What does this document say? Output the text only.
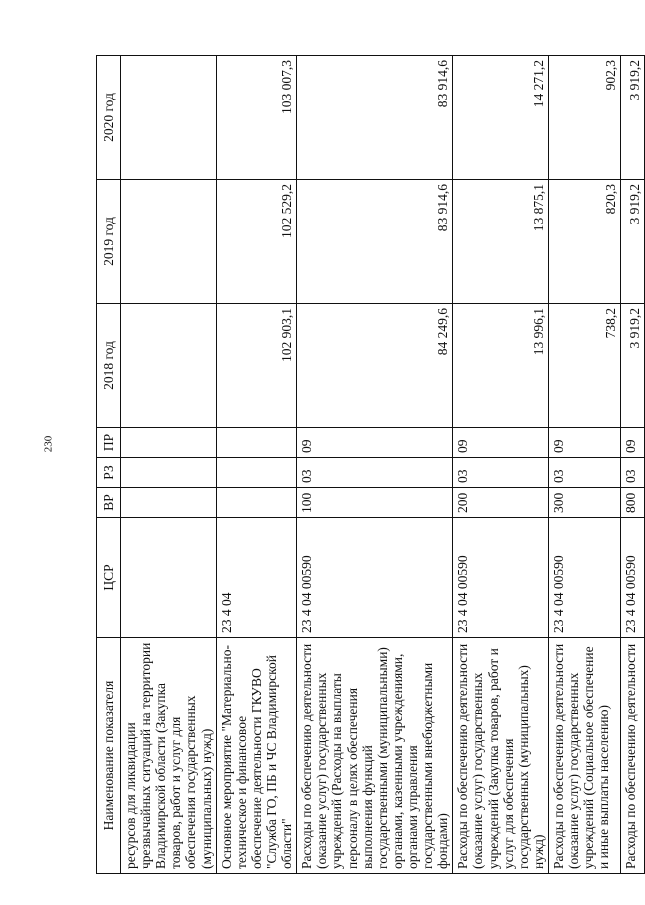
230
Наименование показателя	ЦСР	ВР	РЗ	ПР	2018 год	2019 год	2020 год
ресурсов для ликвидации чрезвычайных ситуаций на территории Владимирской области (Закупка товаров, работ и услуг для обеспечения государственных (муниципальных) нужд)							
Основное мероприятие "Материально-техническое и финансовое обеспечение деятельности ГКУВО "Служба ГО, ПБ и ЧС Владимирской области"	23 4 04				102 903,1	102 529,2	103 007,3
Расходы по обеспечению деятельности (оказание услуг) государственных учреждений (Расходы на выплаты персоналу в целях обеспечения выполнения функций государственными (муниципальными) органами, казенными учреждениями, органами управления государственными внебюджетными фондами)	23 4 04 00590	100	03	09	84 249,6	83 914,6	83 914,6
Расходы по обеспечению деятельности (оказание услуг) государственных учреждений (Закупка товаров, работ и услуг для обеспечения государственных (муниципальных) нужд)	23 4 04 00590	200	03	09	13 996,1	13 875,1	14 271,2
Расходы по обеспечению деятельности (оказание услуг) государственных учреждений (Социальное обеспечение и иные выплаты населению)	23 4 04 00590	300	03	09	738,2	820,3	902,3
Расходы по обеспечению деятельности	23 4 04 00590	800	03	09	3 919,2	3 919,2	3 919,2
